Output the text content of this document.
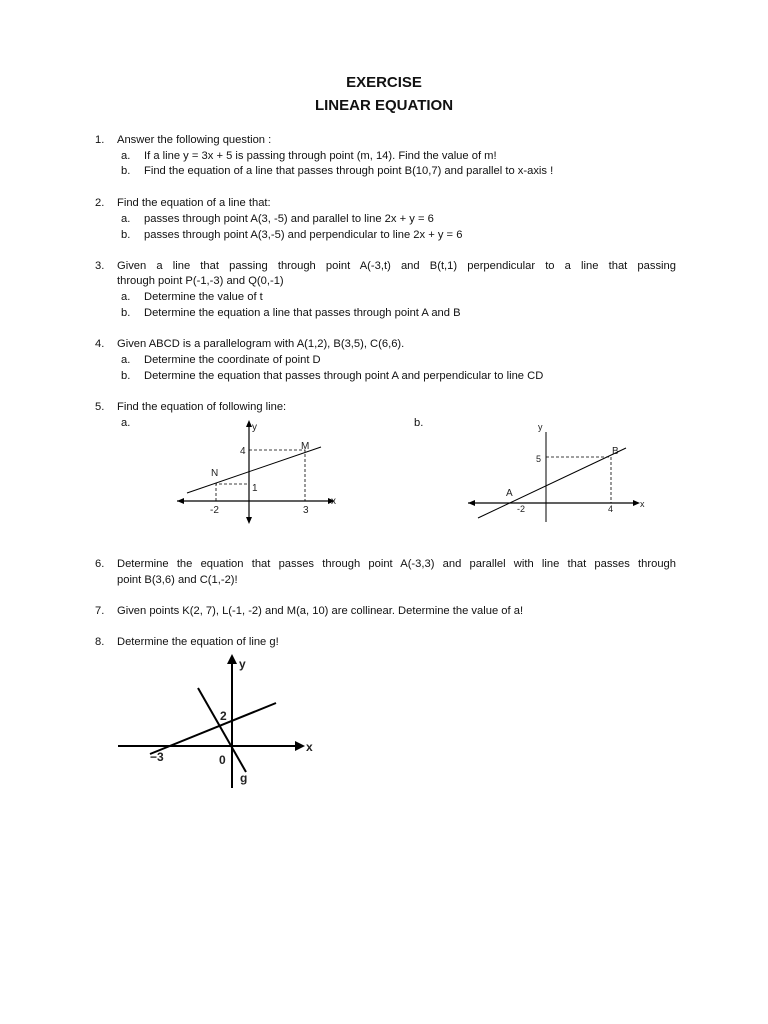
EXERCISE
LINEAR EQUATION
1. Answer the following question :
a. If a line y = 3x + 5 is passing through point (m, 14). Find the value of m!
b. Find the equation of a line that passes through point B(10,7) and parallel to x-axis !
2. Find the equation of a line that:
a. passes through point A(3, -5) and parallel to line 2x + y = 6
b. passes through point A(3,-5) and perpendicular to line 2x + y = 6
3. Given a line that passing through point A(-3,t) and B(t,1) perpendicular to a line that passing
through point P(-1,-3) and Q(0,-1)
a. Determine the value of t
b. Determine the equation a line that passes through point A and B
4. Given ABCD is a parallelogram with A(1,2), B(3,5), C(6,6).
a. Determine the coordinate of point D
b. Determine the equation that passes through point A and perpendicular to line CD
5. Find the equation of following line:
a.	b.
y
x
M
N
4
1
-2	3
y
x
B
A
5
-2	4
6. Determine the equation that passes through point A(-3,3) and parallel with line that passes through
point B(3,6) and C(1,-2)!
7. Given points K(2, 7), L(-1, -2) and M(a, 10) are collinear. Determine the value of a!
8. Determine the equation of line g!
y
x
2
−3	0
g
